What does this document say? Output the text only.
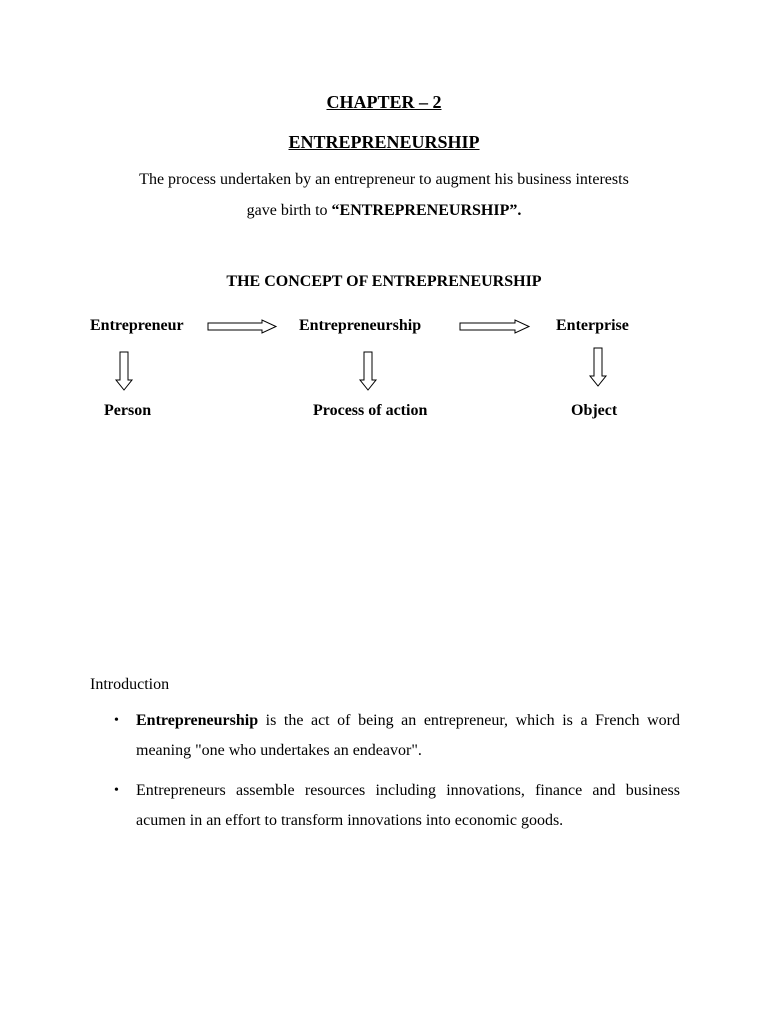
CHAPTER – 2
ENTREPRENEURSHIP
The process undertaken by an entrepreneur to augment his business interests
gave birth to “ENTREPRENEURSHIP”.
THE CONCEPT OF ENTREPRENEURSHIP
Entrepreneur	Entrepreneurship	Enterprise
Person	Process of action	Object
Introduction
• Entrepreneurship is the act of being an entrepreneur, which is a French word meaning "one who undertakes an endeavor".
• Entrepreneurs assemble resources including innovations, finance and business acumen in an effort to transform innovations into economic goods.
